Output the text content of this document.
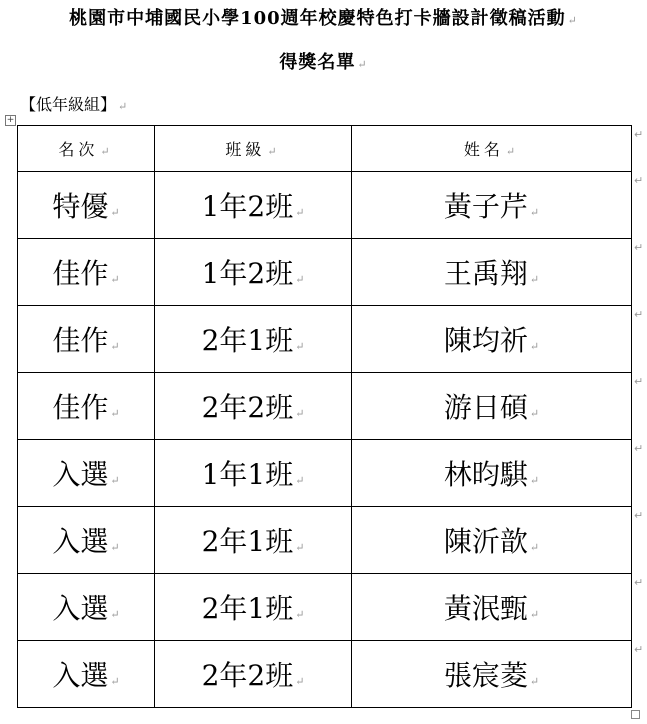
桃園市中埔國民小學100週年校慶特色打卡牆設計徵稿活動 ↵
得獎名單 ↵
【低年級組】 ↵
+
名次 ↵	班級 ↵	姓名 ↵
特優 ↵	1年2班 ↵	黃子芹 ↵
佳作 ↵	1年2班 ↵	王禹翔 ↵
佳作 ↵	2年1班 ↵	陳均祈 ↵
佳作 ↵	2年2班 ↵	游日碩 ↵
入選 ↵	1年1班 ↵	林昀騏 ↵
入選 ↵	2年1班 ↵	陳沂歆 ↵
入選 ↵	2年1班 ↵	黃泯甄 ↵
入選 ↵	2年2班 ↵	張宸菱 ↵
↵
↵
↵
↵
↵
↵
↵
↵
↵
